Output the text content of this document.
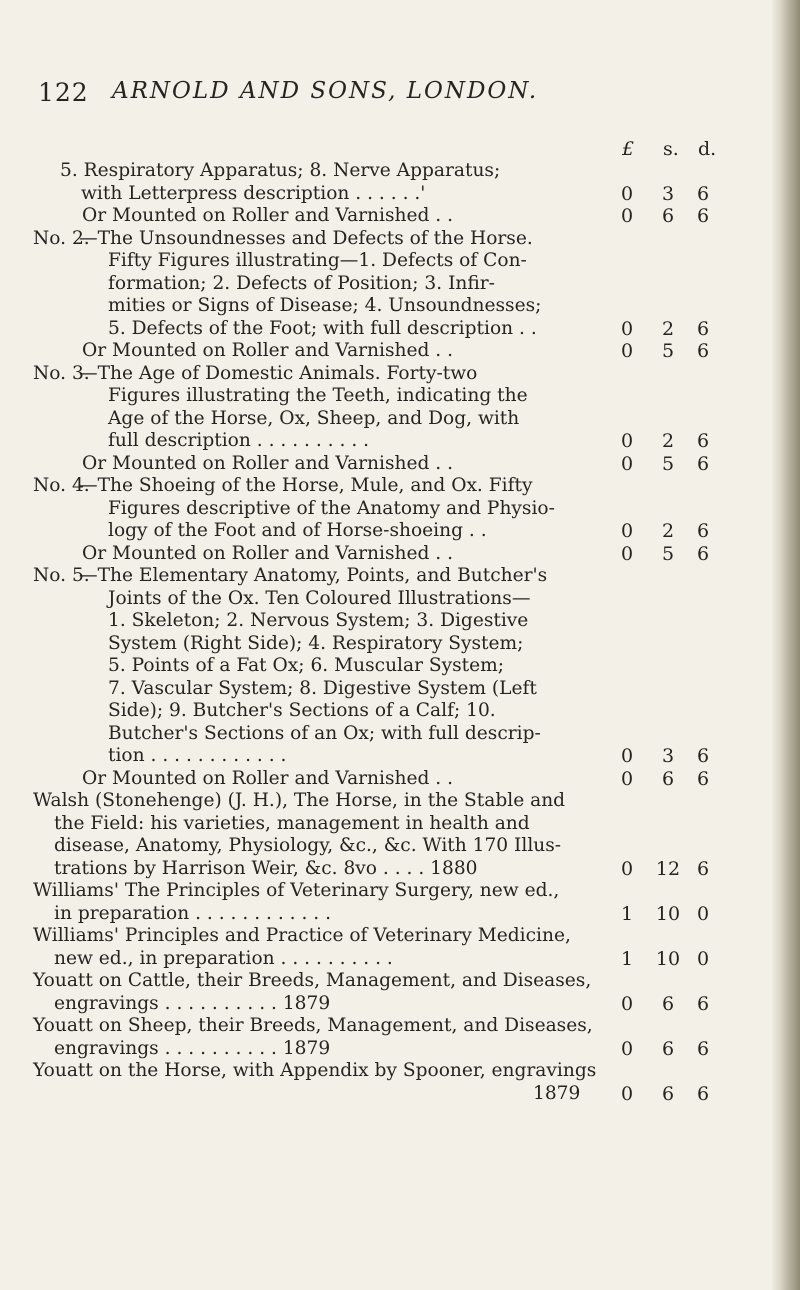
122 ARNOLD AND SONS, LONDON.
£ s. d.
5. Respiratory Apparatus; 8. Nerve Apparatus;
with Letterpress description . . . . . .'	0	3	6
Or Mounted on Roller and Varnished . .	0	6	6
No. 2.—The Unsoundnesses and Defects of the Horse.
Fifty Figures illustrating—1. Defects of Con-
formation; 2. Defects of Position; 3. Infir-
mities or Signs of Disease; 4. Unsoundnesses;
5. Defects of the Foot; with full description . .	0	2	6
Or Mounted on Roller and Varnished . .	0	5	6
No. 3.—The Age of Domestic Animals. Forty-two
Figures illustrating the Teeth, indicating the
Age of the Horse, Ox, Sheep, and Dog, with
full description . . . . . . . . . .	0	2	6
Or Mounted on Roller and Varnished . .	0	5	6
No. 4.—The Shoeing of the Horse, Mule, and Ox. Fifty
Figures descriptive of the Anatomy and Physio-
logy of the Foot and of Horse-shoeing . .	0	2	6
Or Mounted on Roller and Varnished . .	0	5	6
No. 5.—The Elementary Anatomy, Points, and Butcher's
Joints of the Ox. Ten Coloured Illustrations—
1. Skeleton; 2. Nervous System; 3. Digestive
System (Right Side); 4. Respiratory System;
5. Points of a Fat Ox; 6. Muscular System;
7. Vascular System; 8. Digestive System (Left
Side); 9. Butcher's Sections of a Calf; 10.
Butcher's Sections of an Ox; with full descrip-
tion . . . . . . . . . . . .	0	3	6
Or Mounted on Roller and Varnished . .	0	6	6
Walsh (Stonehenge) (J. H.), The Horse, in the Stable and
the Field: his varieties, management in health and
disease, Anatomy, Physiology, &c., &c. With 170 Illus-
trations by Harrison Weir, &c. 8vo . . . . 1880	0	12 6
Williams' The Principles of Veterinary Surgery, new ed.,
in preparation . . . . . . . . . . . .	1	10 0
Williams' Principles and Practice of Veterinary Medicine,
new ed., in preparation . . . . . . . . . .	1	10 0
Youatt on Cattle, their Breeds, Management, and Diseases,
engravings . . . . . . . . . . 1879	0	6	6
Youatt on Sheep, their Breeds, Management, and Diseases,
engravings . . . . . . . . . . 1879	0	6	6
Youatt on the Horse, with Appendix by Spooner, engravings
1879	0	6	6
